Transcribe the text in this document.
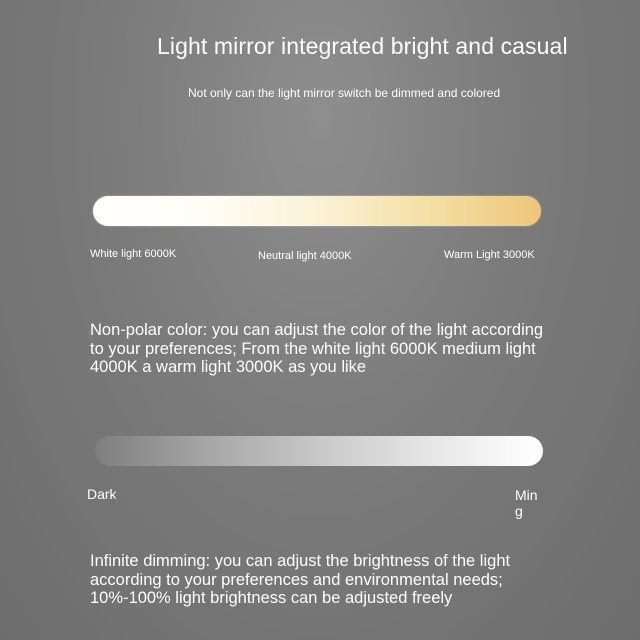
Light mirror integrated bright and casual
Not only can the light mirror switch be dimmed and colored
White light 6000K	Neutral light 4000K	Warm Light 3000K
Non-polar color: you can adjust the color of the light according to your preferences; From the white light 6000K medium light 4000K a warm light 3000K as you like
Dark	Ming
Infinite dimming: you can adjust the brightness of the light according to your preferences and environmental needs; 10%-100% light brightness can be adjusted freely
